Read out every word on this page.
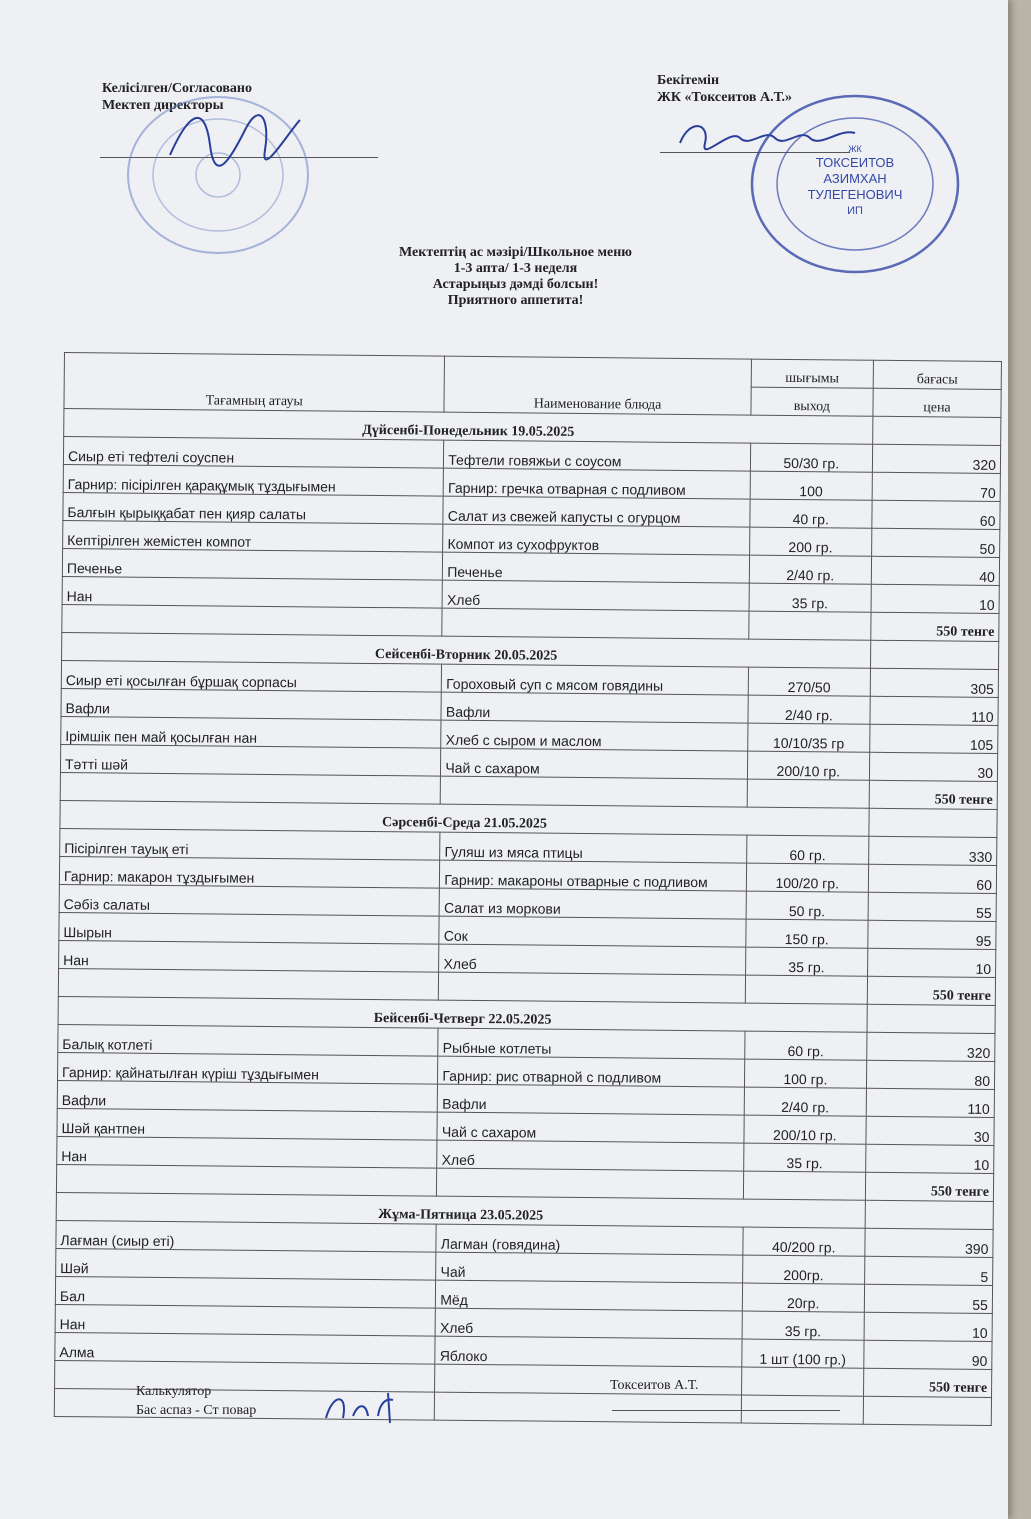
Келісілген/Согласовано
Мектеп директоры
Бекітемін
ЖК «Токсеитов А.Т.»
ЖК
ТОКСЕИТОВ
АЗИМХАН
ТУЛЕГЕНОВИЧ
ИП
Мектептің ас мәзірі/Школьное меню
1-3 апта/ 1-3 неделя
Астарыңыз дәмді болсын!
Приятного аппетита!
Тағамның атауы	Наименование блюда	шығымы	бағасы
		выход	цена
Дүйсенбі-Понедельник 19.05.2025			
Сиыр еті тефтелі соуспен	Тефтели говяжьи с соусом	50/30 гр.	320
Гарнир: пісірілген қарақұмық тұздығымен	Гарнир: гречка отварная с подливом	100	70
Балғын қырыққабат пен қияр салаты	Салат из свежей капусты с огурцом	40 гр.	60
Кептірілген жемістен компот	Компот из сухофруктов	200 гр.	50
Печенье	Печенье	2/40 гр.	40
Нан	Хлеб	35 гр.	10
			550 тенге
Сейсенбі-Вторник 20.05.2025			
Сиыр еті қосылған бұршақ сорпасы	Гороховый суп с мясом говядины	270/50	305
Вафли	Вафли	2/40 гр.	110
Ірімшік пен май қосылған нан	Хлеб с сыром и маслом	10/10/35 гр	105
Тәтті шәй	Чай с сахаром	200/10 гр.	30
			550 тенге
Сәрсенбі-Среда 21.05.2025			
Пісірілген тауық еті	Гуляш из мяса птицы	60 гр.	330
Гарнир: макарон тұздығымен	Гарнир: макароны отварные с подливом	100/20 гр.	60
Сәбіз салаты	Салат из моркови	50 гр.	55
Шырын	Сок	150 гр.	95
Нан	Хлеб	35 гр.	10
			550 тенге
Бейсенбі-Четверг 22.05.2025			
Балық котлеті	Рыбные котлеты	60 гр.	320
Гарнир: қайнатылған күріш тұздығымен	Гарнир: рис отварной с подливом	100 гр.	80
Вафли	Вафли	2/40 гр.	110
Шәй қантпен	Чай с сахаром	200/10 гр.	30
Нан	Хлеб	35 гр.	10
			550 тенге
Жұма-Пятница 23.05.2025			
Лағман (сиыр еті)	Лагман (говядина)	40/200 гр.	390
Шәй	Чай	200гр.	5
Бал	Мёд	20гр.	55
Нан	Хлеб	35 гр.	10
Алма	Яблоко	1 шт (100 гр.)	90
			550 тенге

Калькулятор
Бас аспаз - Ст повар
Токсеитов А.Т.
